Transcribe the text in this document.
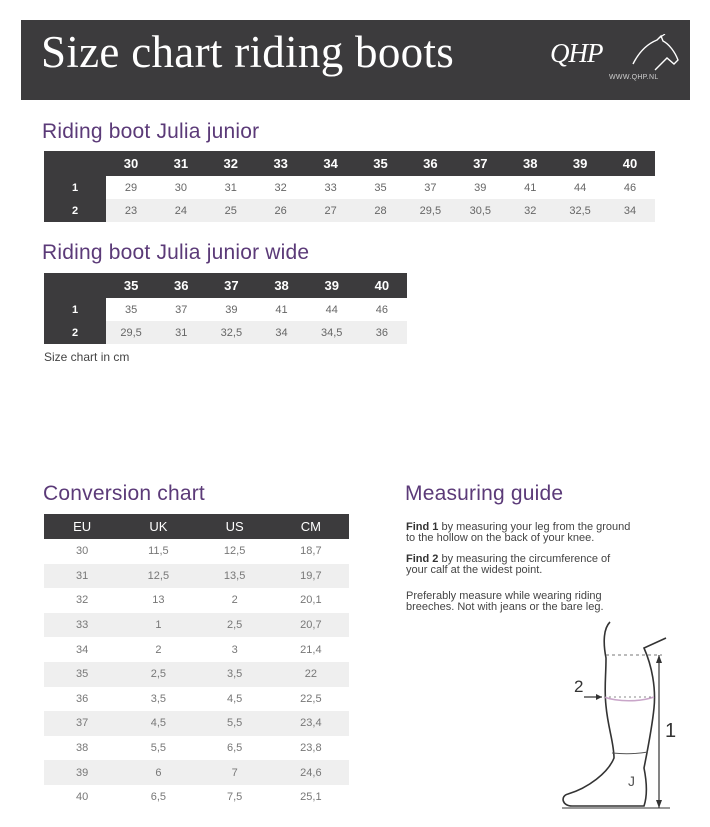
Size chart riding boots	QHP
WWW.QHP.NL
Riding boot Julia junior
	30	31	32	33	34	35	36	37	38	39	40
1	29	30	31	32	33	35	37	39	41	44	46
2	23	24	25	26	27	28	29,5	30,5	32	32,5	34
Riding boot Julia junior wide
	35	36	37	38	39	40
1	35	37	39	41	44	46
2	29,5	31	32,5	34	34,5	36
Size chart in cm
Conversion chart
EU	UK	US	CM
30	11,5	12,5	18,7
31	12,5	13,5	19,7
32	13	2	20,1
33	1	2,5	20,7
34	2	3	21,4
35	2,5	3,5	22
36	3,5	4,5	22,5
37	4,5	5,5	23,4
38	5,5	6,5	23,8
39	6	7	24,6
40	6,5	7,5	25,1
Measuring guide
Find 1 by measuring your leg from the ground
to the hollow on the back of your knee.
Find 2 by measuring the circumference of
your calf at the widest point.
Preferably measure while wearing riding
breeches. Not with jeans or the bare leg.
J
2
1
